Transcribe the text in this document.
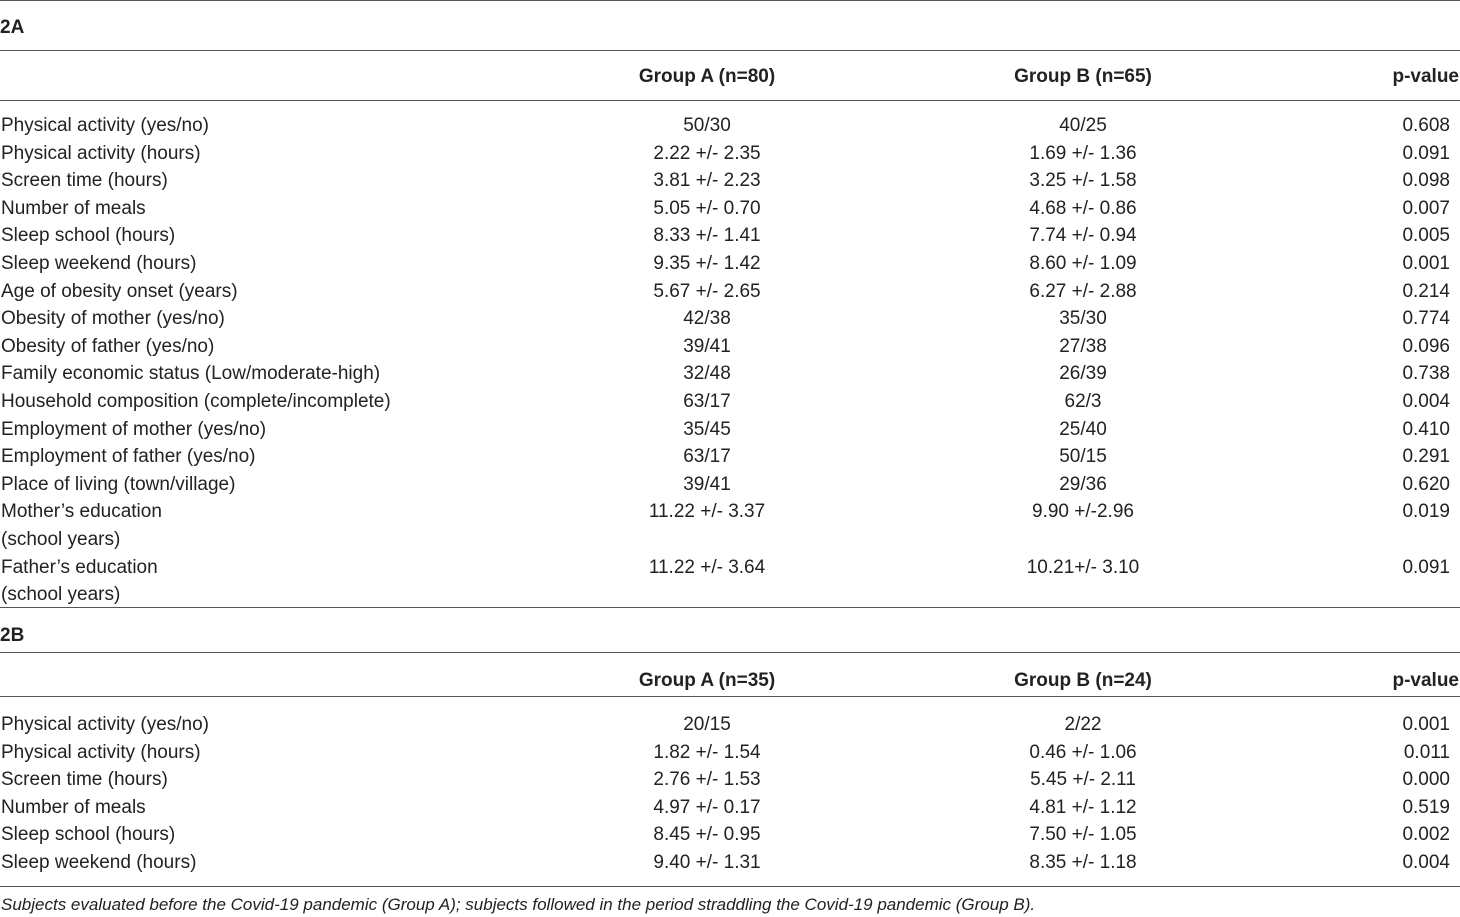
2A
Group A (n=80)	Group B (n=65)	p-value
Physical activity (yes/no)	50/30	40/25	0.608
Physical activity (hours)	2.22 +/- 2.35	1.69 +/- 1.36	0.091
Screen time (hours)	3.81 +/- 2.23	3.25 +/- 1.58	0.098
Number of meals	5.05 +/- 0.70	4.68 +/- 0.86	0.007
Sleep school (hours)	8.33 +/- 1.41	7.74 +/- 0.94	0.005
Sleep weekend (hours)	9.35 +/- 1.42	8.60 +/- 1.09	0.001
Age of obesity onset (years)	5.67 +/- 2.65	6.27 +/- 2.88	0.214
Obesity of mother (yes/no)	42/38	35/30	0.774
Obesity of father (yes/no)	39/41	27/38	0.096
Family economic status (Low/moderate-high)	32/48	26/39	0.738
Household composition (complete/incomplete)	63/17	62/3	0.004
Employment of mother (yes/no)	35/45	25/40	0.410
Employment of father (yes/no)	63/17	50/15	0.291
Place of living (town/village)	39/41	29/36	0.620
Mother’s education
(school years)
11.22 +/- 3.37	9.90 +/-2.96	0.019
Father’s education
(school years)
11.22 +/- 3.64	10.21+/- 3.10	0.091
2B
Group A (n=35)	Group B (n=24)	p-value
Physical activity (yes/no)	20/15	2/22	0.001
Physical activity (hours)	1.82 +/- 1.54	0.46 +/- 1.06	0.011
Screen time (hours)	2.76 +/- 1.53	5.45 +/- 2.11	0.000
Number of meals	4.97 +/- 0.17	4.81 +/- 1.12	0.519
Sleep school (hours)	8.45 +/- 0.95	7.50 +/- 1.05	0.002
Sleep weekend (hours)	9.40 +/- 1.31	8.35 +/- 1.18	0.004
Subjects evaluated before the Covid-19 pandemic (Group A); subjects followed in the period straddling the Covid-19 pandemic (Group B).
